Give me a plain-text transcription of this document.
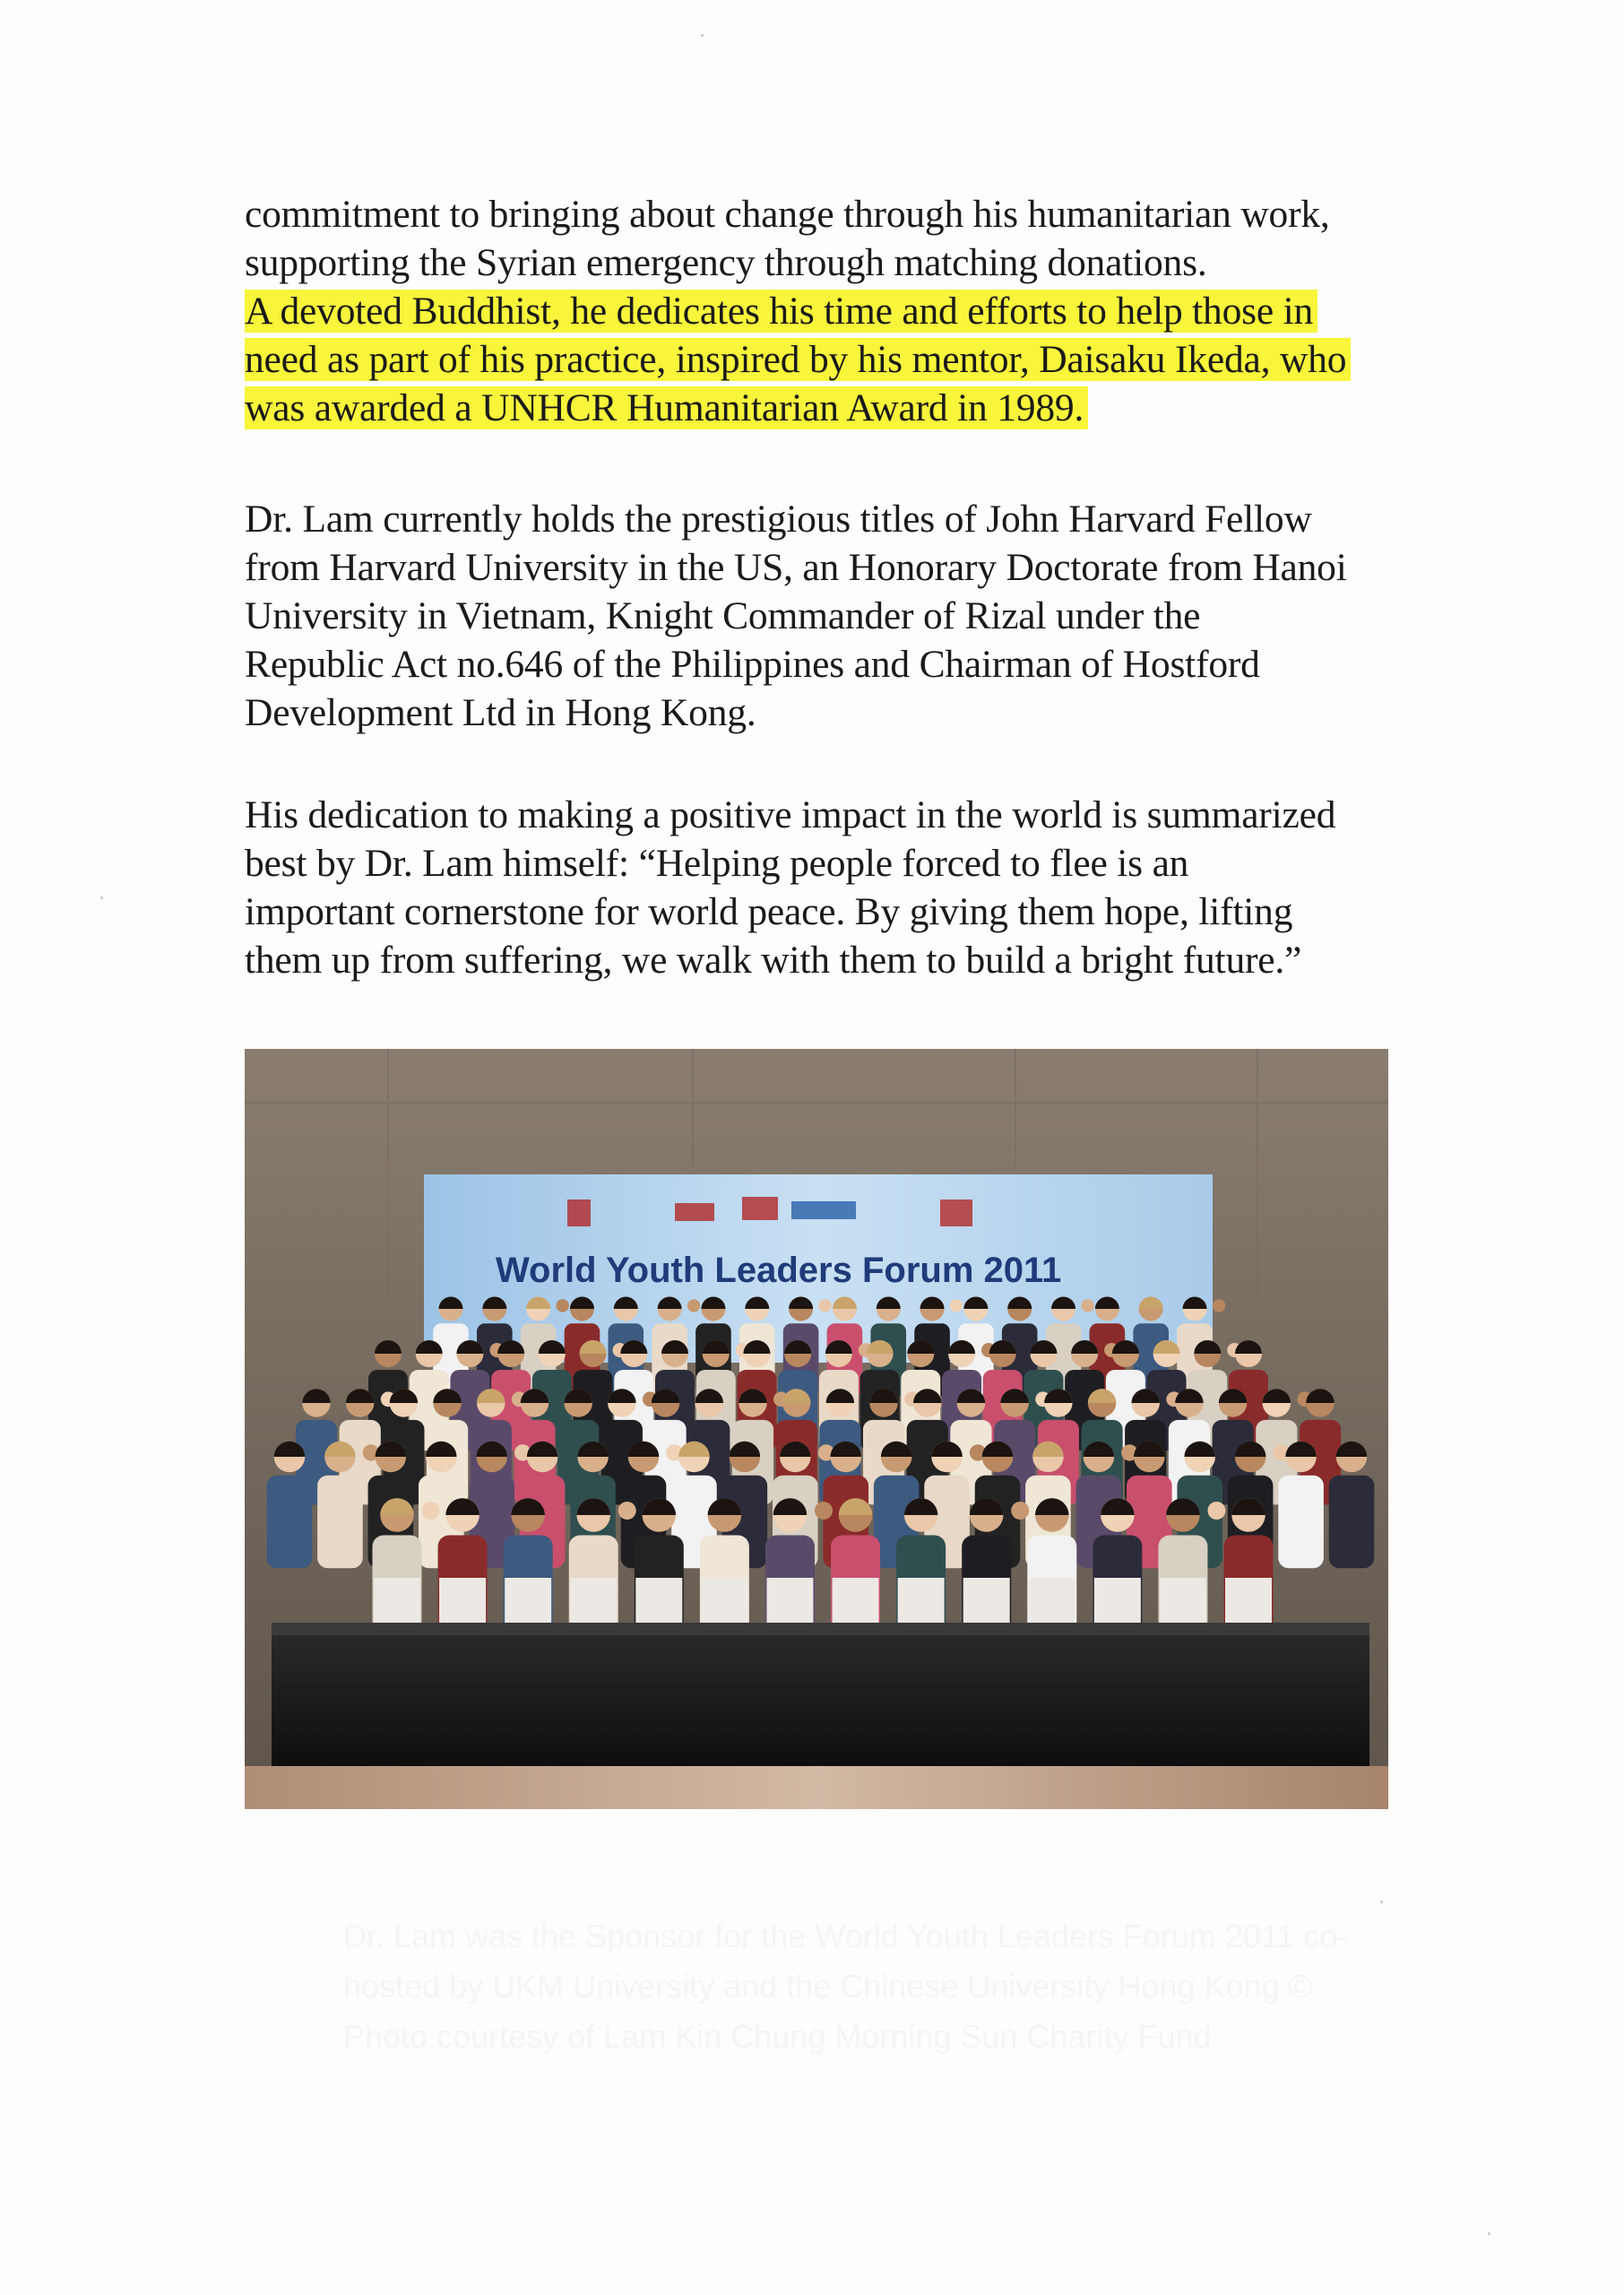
commitment to bringing about change through his humanitarian work,
supporting the Syrian emergency through matching donations.
A devoted Buddhist, he dedicates his time and efforts to help those in
need as part of his practice, inspired by his mentor, Daisaku Ikeda, who
was awarded a UNHCR Humanitarian Award in 1989.
Dr. Lam currently holds the prestigious titles of John Harvard Fellow
from Harvard University in the US, an Honorary Doctorate from Hanoi
University in Vietnam, Knight Commander of Rizal under the
Republic Act no.646 of the Philippines and Chairman of Hostford
Development Ltd in Hong Kong.
His dedication to making a positive impact in the world is summarized
best by Dr. Lam himself: “Helping people forced to flee is an
important cornerstone for world peace. By giving them hope, lifting
them up from suffering, we walk with them to build a bright future.”
World Youth Leaders Forum 2011
Dr. Lam was the Sponsor for the World Youth Leaders Forum 2011 co- hosted by UKM University and the Chinese University Hong Kong © Photo courtesy of Lam Kin Chung Morning Sun Charity Fund
